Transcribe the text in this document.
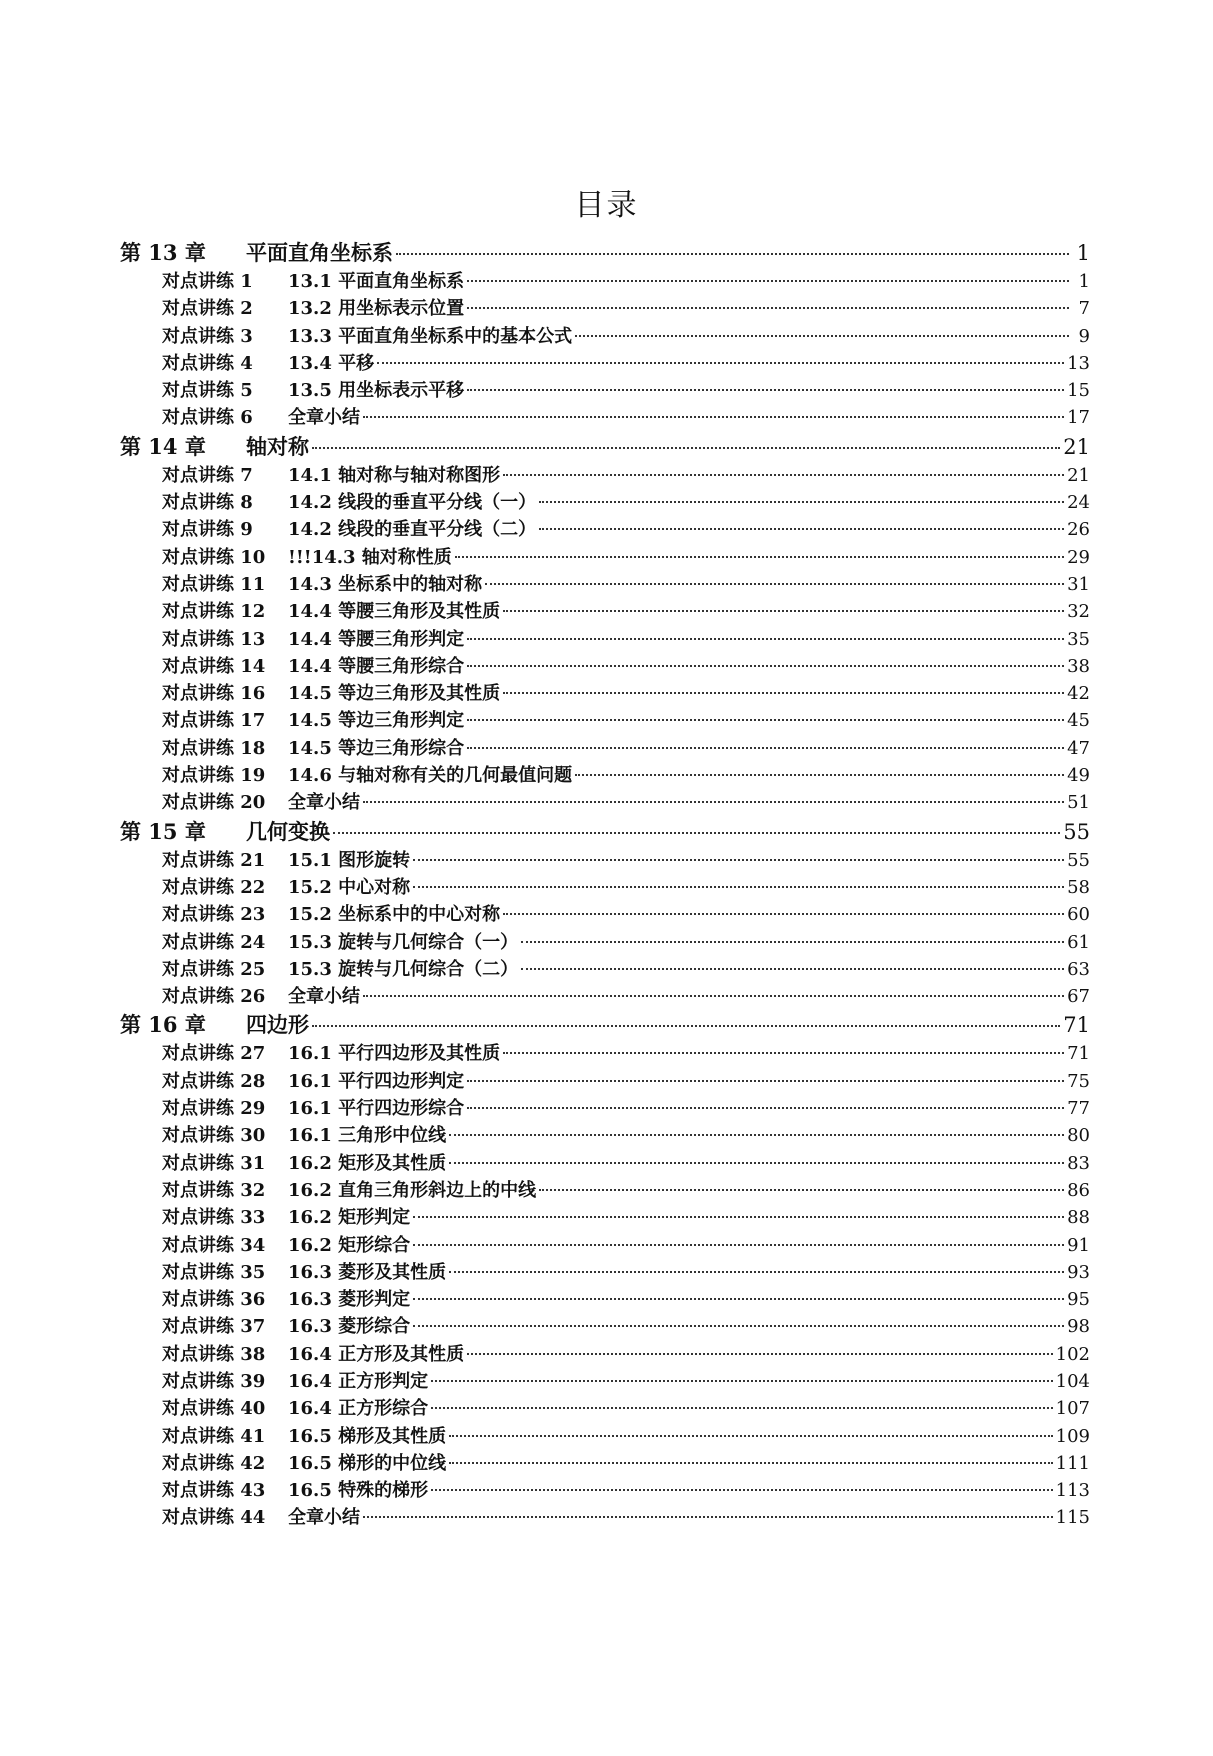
目录
第 13 章	平面直角坐标系	1
对点讲练 1	13.1 平面直角坐标系	1
对点讲练 2	13.2 用坐标表示位置	7
对点讲练 3	13.3 平面直角坐标系中的基本公式	9
对点讲练 4	13.4 平移	13
对点讲练 5	13.5 用坐标表示平移	15
对点讲练 6	全章小结	17
第 14 章	轴对称	21
对点讲练 7	14.1 轴对称与轴对称图形	21
对点讲练 8	14.2 线段的垂直平分线（一）	24
对点讲练 9	14.2 线段的垂直平分线（二）	26
对点讲练 10	!!!14.3 轴对称性质	29
对点讲练 11	14.3 坐标系中的轴对称	31
对点讲练 12	14.4 等腰三角形及其性质	32
对点讲练 13	14.4 等腰三角形判定	35
对点讲练 14	14.4 等腰三角形综合	38
对点讲练 16	14.5 等边三角形及其性质	42
对点讲练 17	14.5 等边三角形判定	45
对点讲练 18	14.5 等边三角形综合	47
对点讲练 19	14.6 与轴对称有关的几何最值问题	49
对点讲练 20	全章小结	51
第 15 章	几何变换	55
对点讲练 21	15.1 图形旋转	55
对点讲练 22	15.2 中心对称	58
对点讲练 23	15.2 坐标系中的中心对称	60
对点讲练 24	15.3 旋转与几何综合（一）	61
对点讲练 25	15.3 旋转与几何综合（二）	63
对点讲练 26	全章小结	67
第 16 章	四边形	71
对点讲练 27	16.1 平行四边形及其性质	71
对点讲练 28	16.1 平行四边形判定	75
对点讲练 29	16.1 平行四边形综合	77
对点讲练 30	16.1 三角形中位线	80
对点讲练 31	16.2 矩形及其性质	83
对点讲练 32	16.2 直角三角形斜边上的中线	86
对点讲练 33	16.2 矩形判定	88
对点讲练 34	16.2 矩形综合	91
对点讲练 35	16.3 菱形及其性质	93
对点讲练 36	16.3 菱形判定	95
对点讲练 37	16.3 菱形综合	98
对点讲练 38	16.4 正方形及其性质	102
对点讲练 39	16.4 正方形判定	104
对点讲练 40	16.4 正方形综合	107
对点讲练 41	16.5 梯形及其性质	109
对点讲练 42	16.5 梯形的中位线	111
对点讲练 43	16.5 特殊的梯形	113
对点讲练 44	全章小结	115
